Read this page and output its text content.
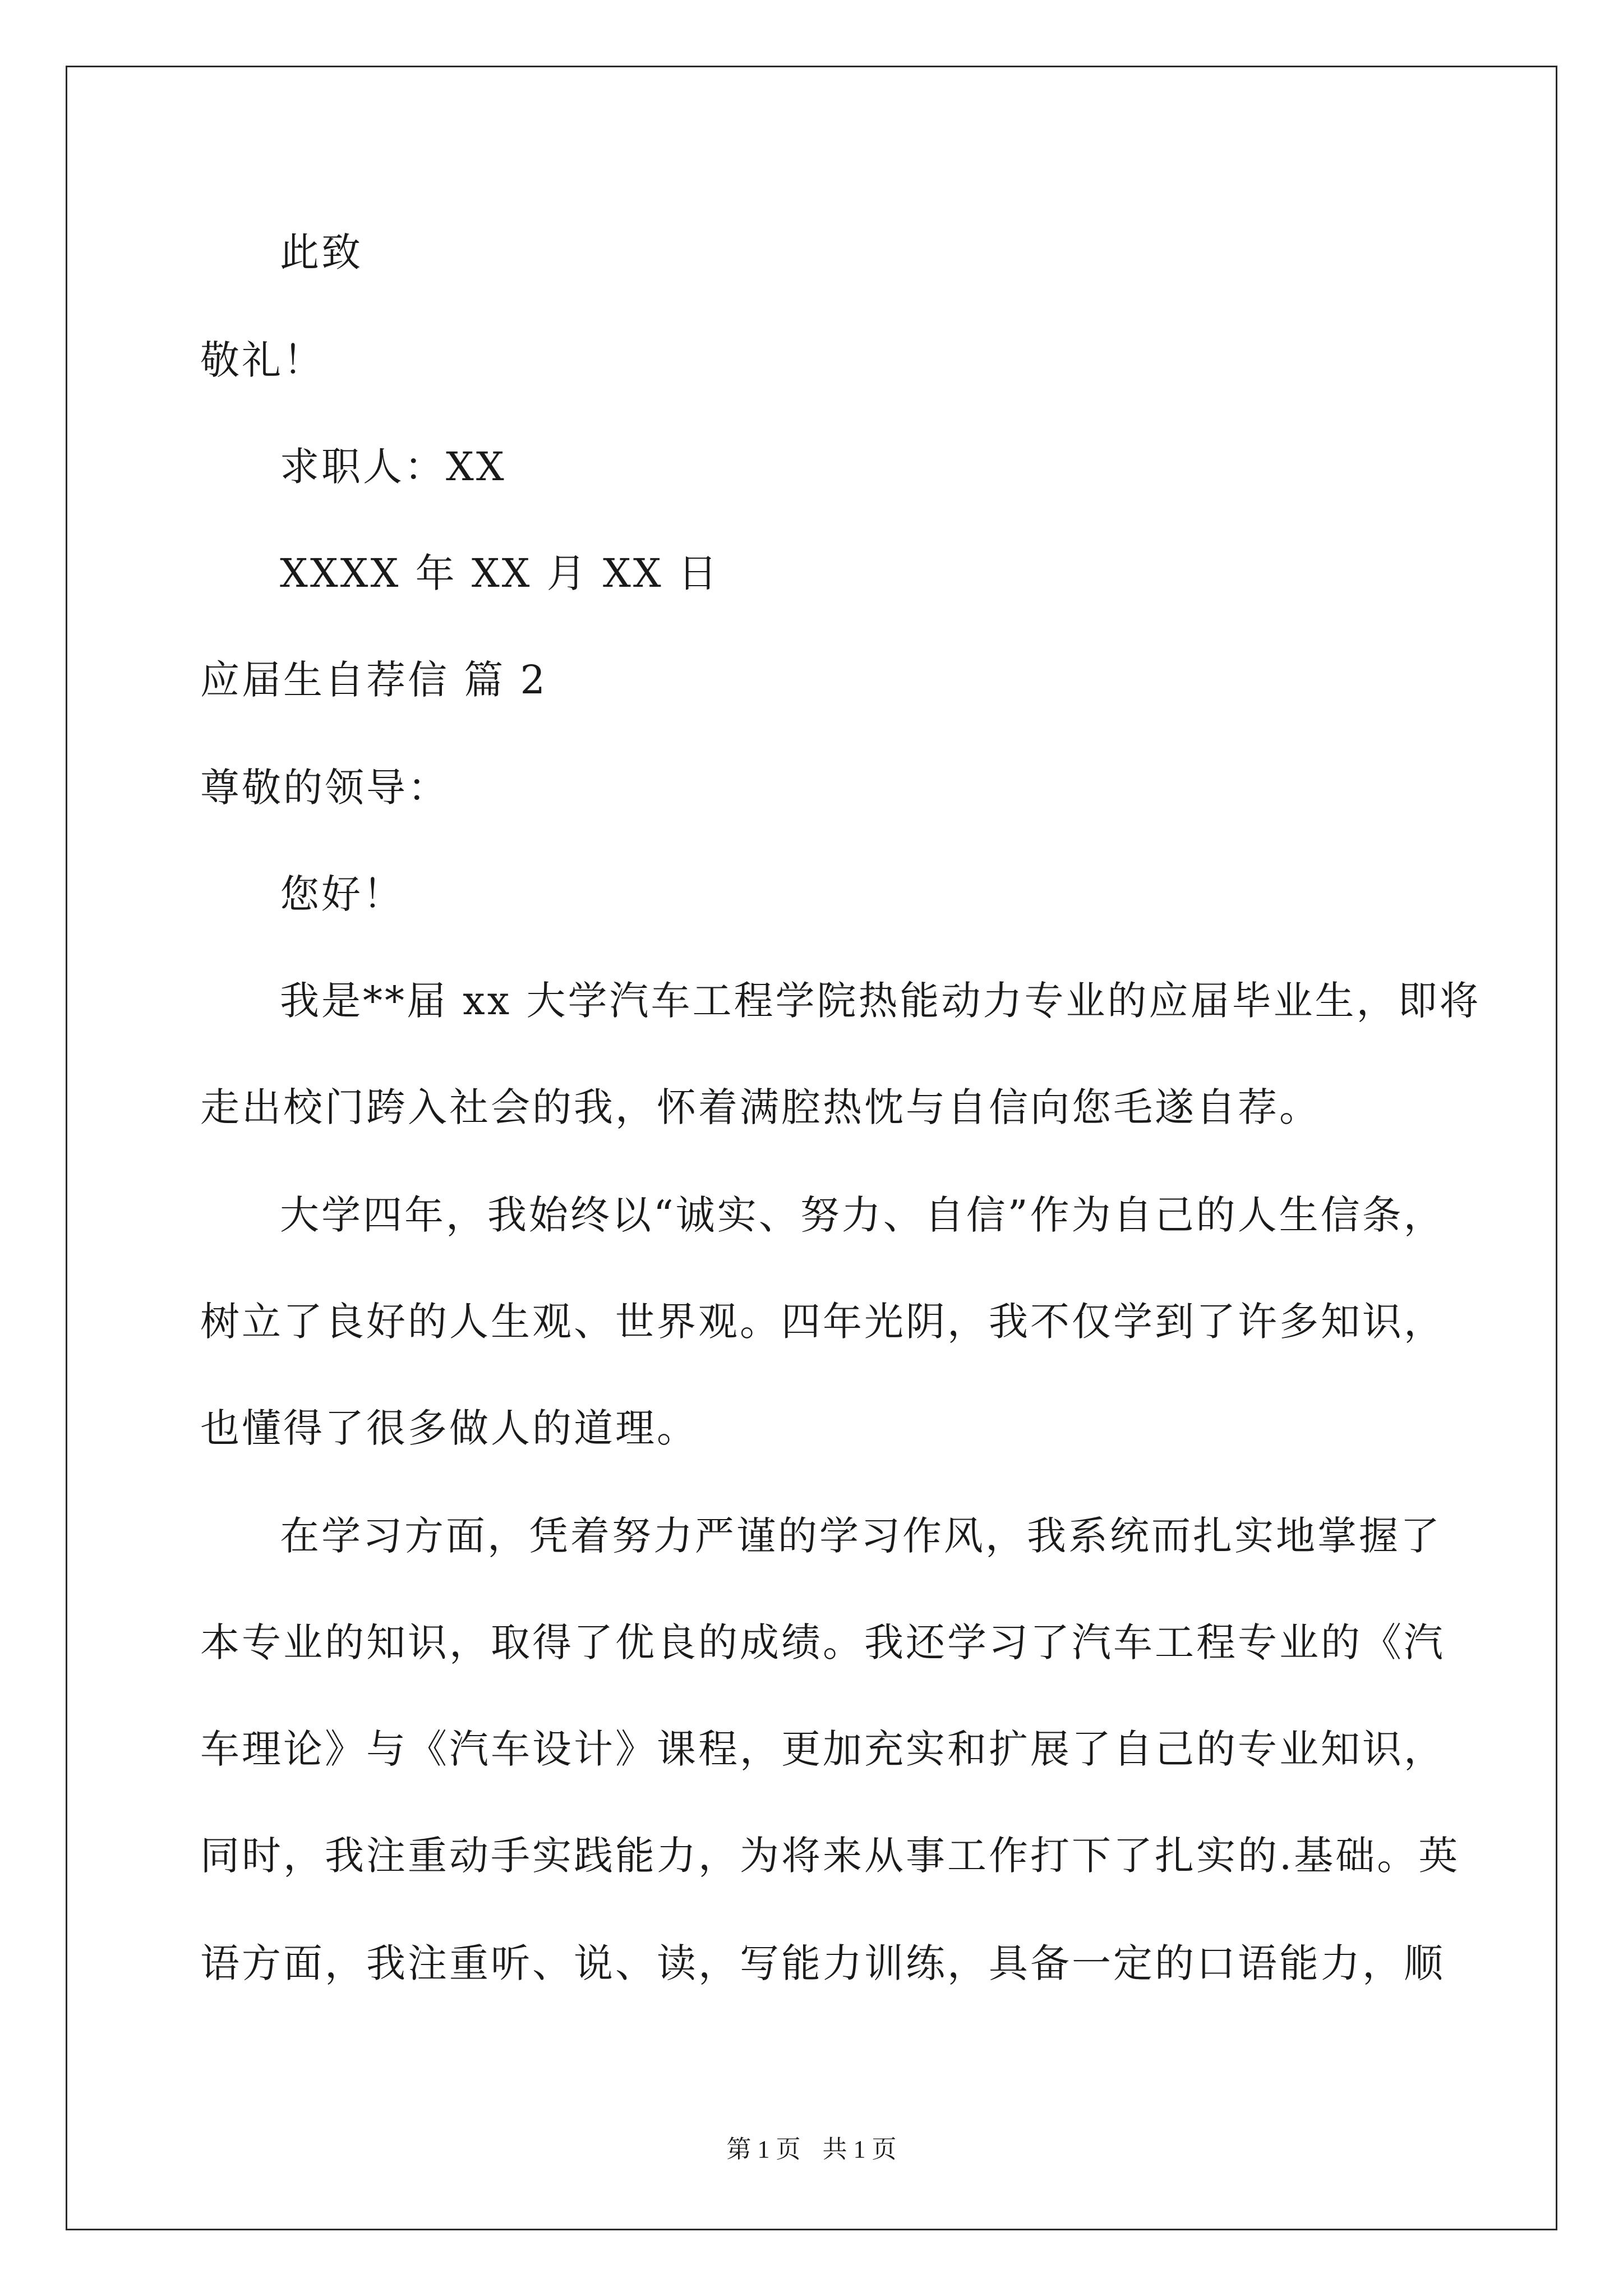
此致
敬礼！
求职人：XX
XXXX 年 XX 月 XX 日
应届生自荐信 篇 2
尊敬的领导：
您好！
我是**届 xx 大学汽车工程学院热能动力专业的应届毕业生，即将
走出校门跨入社会的我，怀着满腔热忱与自信向您毛遂自荐。
大学四年，我始终以“诚实、努力、自信”作为自己的人生信条，
树立了良好的人生观、世界观。四年光阴，我不仅学到了许多知识，
也懂得了很多做人的道理。
在学习方面，凭着努力严谨的学习作风，我系统而扎实地掌握了
本专业的知识，取得了优良的成绩。我还学习了汽车工程专业的《汽
车理论》与《汽车设计》课程，更加充实和扩展了自己的专业知识，
同时，我注重动手实践能力，为将来从事工作打下了扎实的.基础。英
语方面，我注重听、说、读，写能力训练，具备一定的口语能力，顺
第 1 页 共 1 页
